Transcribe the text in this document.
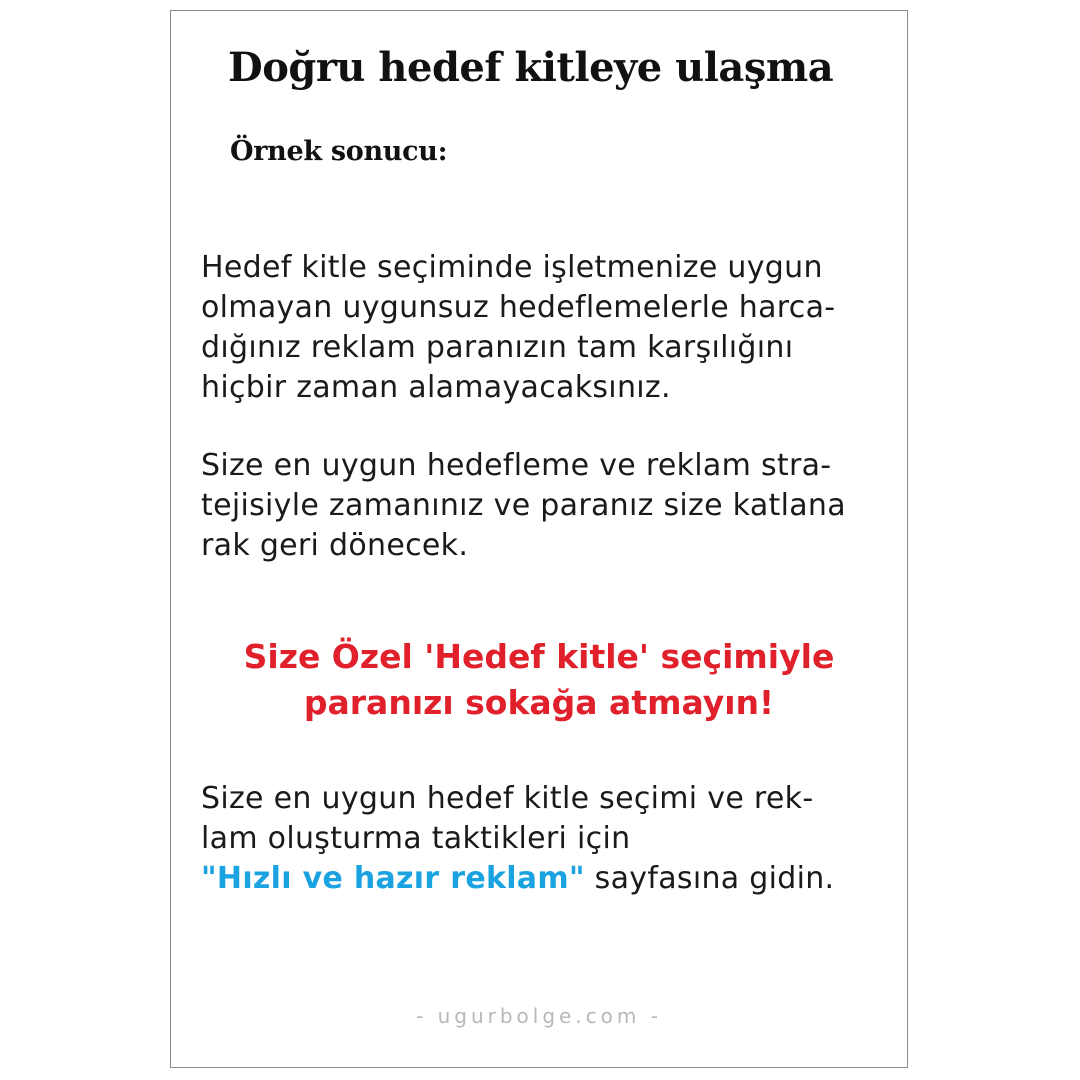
Doğru hedef kitleye ulaşma
Örnek sonucu:

Hedef kitle seçiminde işletmenize uygun
olmayan uygunsuz hedeflemelerle harca-
dığınız reklam paranızın tam karşılığını
hiçbir zaman alamayacaksınız.

Size en uygun hedefleme ve reklam stra-
tejisiyle zamanınız ve paranız size katlana
rak geri dönecek.

Size Özel 'Hedef kitle' seçimiyle
paranızı sokağa atmayın!

Size en uygun hedef kitle seçimi ve rek-
lam oluşturma taktikleri için
"Hızlı ve hazır reklam" sayfasına gidin.

- ugurbolge.com -
